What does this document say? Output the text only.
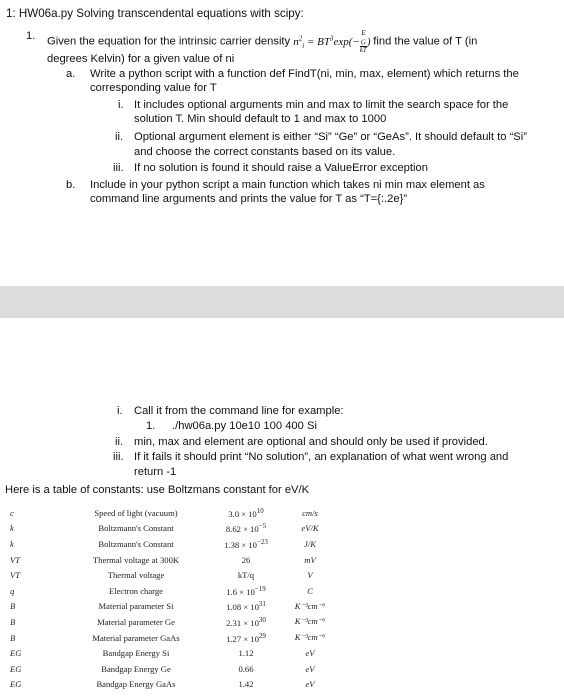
1: HW06a.py Solving transcendental equations with scipy:
1. Given the equation for the intrinsic carrier density $n^2_i = BT^3\exp(- E$
$_G$
kT ) find the value of T (in
degrees Kelvin) for a given value of ni
a. Write a python script with a function def FindT(ni, min, max, element) which returns the
corresponding value for T
i. It includes optional arguments min and max to limit the search space for the
solution T. Min should default to 1 and max to 1000
ii. Optional argument element is either “Si” “Ge” or “GeAs”. It should default to “Si”
and choose the correct constants based on its value.
iii. If no solution is found it should raise a ValueError exception
b. Include in your python script a main function which takes ni min max element as
command line arguments and prints the value for T as “T={:.2e}”
i. Call it from the command line for example:
1. ./hw06a.py 10e10 100 400 Si
ii. min, max and element are optional and should only be used if provided.
iii. If it fails it should print “No solution”, an explanation of what went wrong and
return -1
Here is a table of constants: use Boltzmans constant for eV/K
c	Speed of light (vacuum)	$3.0 \times 10^{10}$	cm/s
k	Boltzmann's Constant	$8.62 \times 10^{-5}$	eV/K
k	Boltzmann's Constant	$1.38 \times 10^{-23}$	J/K
VT	Thermal voltage at 300K	26	mV
VT	Thermal voltage	kT/q	V
q	Electron charge	$1.6 \times 10^{-19}$	C
B	Material parameter Si	$1.08 \times 10^{31}$	K⁻³cm⁻⁶
B	Material parameter Ge	$2.31 \times 10^{30}$	K⁻³cm⁻⁶
B	Material parameter GaAs	$1.27 \times 10^{29}$	K⁻³cm⁻⁶
EG	Bandgap Energy Si	1.12	eV
EG	Bandgap Energy Ge	0.66	eV
EG	Bandgap Energy GaAs	1.42	eV
